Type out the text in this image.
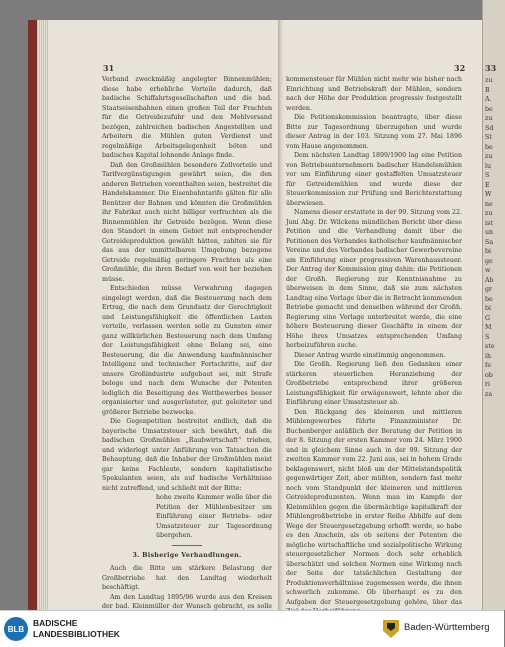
31

Verband zweckmäßig angelegter Binnenmühlen; diese habe erhebliche Vorteile dadurch, daß badische Schiffahrtsgesellschaften und die bad. Staatseisenbahnen einen großen Teil der Frachten für die Getreidezufuhr und den Mehlversand bezögen, zahlreichen badischen Angestellten und Arbeitern die Mühlen guten Verdienst und regelmäßige Arbeitsgelegenheit böten und badisches Kapital lohnende Anlage finde.

Daß den Großmühlen besondere Zollvorteile und Tarifvergünstigungen gewährt seien, die den anderen Betrieben vorenthalten seien, bestreitet die Handelskammer. Die Eisenbahntarife gälten für alle Benützer der Bahnen und könnten die Großmühlen ihr Fabrikat auch nicht billiger verfrachten als die Binnenmühlen ihr Getreide bezögen. Wenn diese den Standort in einem Gebiet mit entsprechender Getreideproduktion gewählt hätten, zahlten sie für das aus der unmittelbaren Umgebung bezogene Getreide regelmäßig geringere Frachten als eine Großmühle, die ihren Bedarf von weit her beziehen müsse.

Entschieden müsse Verwahrung dagegen eingelegt werden, daß die Besteuerung nach dem Ertrag, die nach dem Grundsatz der Gerechtigkeit und Leistungsfähigkeit die öffentlichen Lasten verteile, verlassen werden solle zu Gunsten einer ganz willkürlichen Besteuerung nach dem Umfang der Leistungsfähigkeit ohne Belang sei, eine Besteuerung, die die Anwendung kaufmännischer Intelligenz und technischer Fortschritte, auf der unsere Großindustrie aufgebaut sei, mit Strafe belege und nach dem Wunsche der Petenten lediglich die Beseitigung des Wettbewerbes besser organisierter und ausgerüsteter, gut geleiteter und größerer Betriebe bezwecke.

Die Gegenpetition bestreitet endlich, daß die bayerische Umsatzsteuer sich bewährt, daß die badischen Großmühlen „Raubwirtschaft“ trieben, und widerlegt unter Anführung von Tatsachen die Behauptung, daß die Inhaber der Großmühlen meist gar keine Fachleute, sondern kapitalistische Spekulanten seien, als auf badische Verhältnisse nicht zutreffend, und schließt mit der Bitte:

hohe zweite Kammer wolle über die Petition der Mühlenbesitzer um Einführung einer Betriebs- oder Umsatzsteuer zur Tagesordnung übergehen.

3. Bisherige Verhandlungen.

Auch die Bitte um stärkere Belastung der Großbetriebe hat den Landtag wiederholt beschäftigt.

Am den Landtag 1895/96 wurde aus den Kreisen der bad. Kleinmüller der Wunsch gebracht, es solle

32

kommensteuer für Mühlen nicht mehr wie bisher nach Einrichtung und Betriebskraft der Mühlen, sondern nach der Höhe der Produktion progressiv festgestellt werden.

Die Petitionskommission beantragte, über diese Bitte zur Tagesordnung überzugehen und wurde dieser Antrag in der 103. Sitzung vom 27. Mai 1896 vom Hause angenommen.

Dem nächsten Landtag 1899/1900 lag eine Petition von Betriebsunternehmern badischer Handelsmühlen vor um Einführung einer gestaffelten Umsatzsteuer für Getreidemühlen und wurde diese der Steuerkommission zur Prüfung und Berichterstattung überwiesen.

Namens dieser erstattete in der 99. Sitzung vom 22. Juni Abg. Dr. Wilckens mündlichen Bericht über diese Petition und die Verhandlung damit über die Petitionen des Verbandes katholischer kaufmännischer Vereine und des Verbandes badischer Gewerbevereine um Einführung einer progressiven Warenhaussteuer. Der Antrag der Kommission ging dahin: die Petitionen der Großh. Regierung zur Kenntnisnahme zu überweisen in dem Sinne, daß sie zum nächsten Landtag eine Vorlage über die in Betracht kommenden Betriebe gemacht und denselben während der Großh. Regierung eine Vorlage unterbreitet werde, die eine höhere Besteuerung dieser Geschäfte in einem der Höhe ihres Umsatzes entsprechenden Umfang herbeizuführen suche.

Dieser Antrag wurde einstimmig angenommen.

Die Großh. Regierung ließ den Gedanken einer stärkeren steuerlichen Heranziehung der Großbetriebe entsprechend ihrer größeren Leistungsfähigkeit für erwägenswert, lehnte aber die Einführung einer Umsatzsteuer ab.

Den Rückgang des kleineren und mittleren Mühlengewerbes führte Finanzminister Dr. Buchenberger anläßlich der Beratung der Petition in der 8. Sitzung der ersten Kammer vom 24. März 1900 und in gleichem Sinne auch in der 99. Sitzung der zweiten Kammer vom 22. Juni aus, sei in hohem Grade beklagenswert, nicht bloß um der Mittelstandspolitik gegenwärtiger Zeit, aber müßten, sondern fast mehr noch vom Standpunkt der kleineren und mittleren Getreideproduzenten. Wenn man im Kampfe der Kleinmühlen gegen die übermächtige kapitalkraft der Mühlengroßbetriebe in erster Reihe Abhilfe auf dem Wege der Steuergesetzgebung erhofft werde, so habe es den Anschein, als ob seitens der Petenten die mögliche wirtschaftliche und sozialpolitische Wirkung steuergesetzlicher Normen doch sehr erheblich überschätzt und solchen Normen eine Wirkung nach der Seite der tatsächlichen Gestaltung der Produktionsverhältnisse zugemessen werde, die ihnen schwerlich zukomme. Ob überhaupt es zu den Aufgaben der Steuergesetzgebung gehöre, über das

33
zu
B
A.
be
zu
Sd
St
be
zu
lu
S
E
W
ne
zu
ist
un
Sa
bi
ge
w
Ab
gr
be
bi
G
M
S
ste
ih
fe
ob
ri
za
BLB
BADISCHE
LANDESBIBLIOTHEK
Baden-Württemberg
